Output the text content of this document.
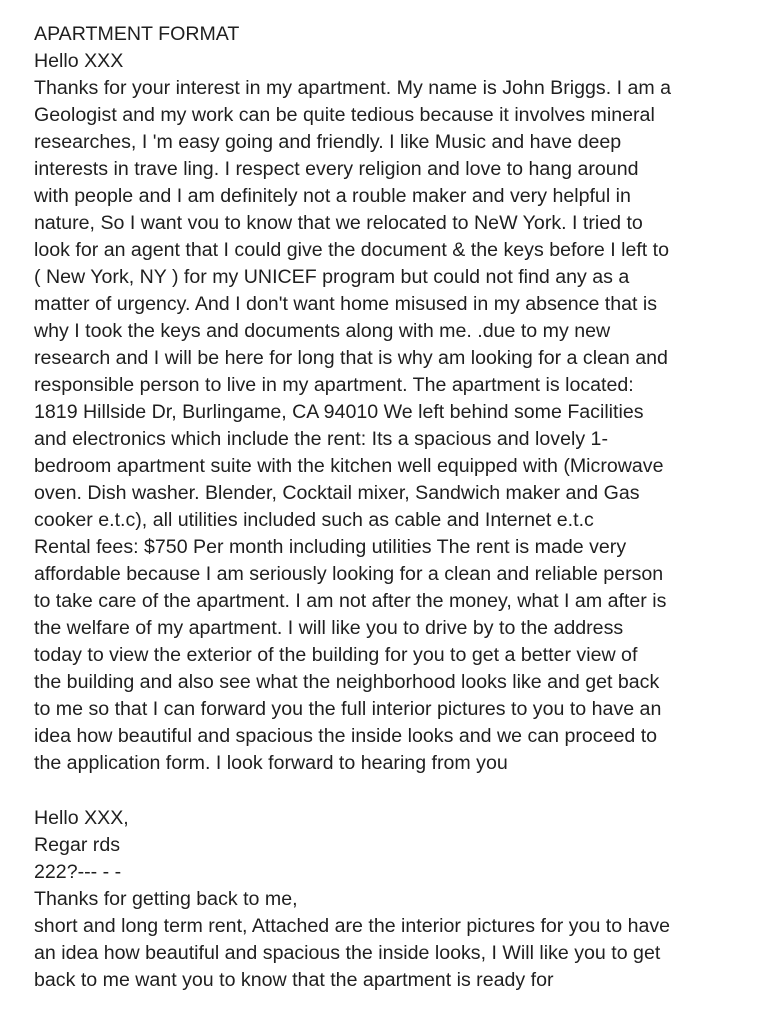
APARTMENT FORMAT
Hello XXX
Thanks for your interest in my apartment. My name is John Briggs. I am a
Geologist and my work can be quite tedious because it involves mineral
researches, I 'm easy going and friendly. I like Music and have deep
interests in trave ling. I respect every religion and love to hang around
with people and I am definitely not a rouble maker and very helpful in
nature, So I want vou to know that we relocated to NeW York. I tried to
look for an agent that I could give the document & the keys before I left to
( New York, NY ) for my UNICEF program but could not find any as a
matter of urgency. And I don't want home misused in my absence that is
why I took the keys and documents along with me. .due to my new
research and I will be here for long that is why am looking for a clean and
responsible person to live in my apartment. The apartment is located:
1819 Hillside Dr, Burlingame, CA 94010 We left behind some Facilities
and electronics which include the rent: Its a spacious and lovely 1-
bedroom apartment suite with the kitchen well equipped with (Microwave
oven. Dish washer. Blender, Cocktail mixer, Sandwich maker and Gas
cooker e.t.c), all utilities included such as cable and Internet e.t.c
Rental fees: $750 Per month including utilities The rent is made very
affordable because I am seriously looking for a clean and reliable person
to take care of the apartment. I am not after the money, what I am after is
the welfare of my apartment. I will like you to drive by to the address
today to view the exterior of the building for you to get a better view of
the building and also see what the neighborhood looks like and get back
to me so that I can forward you the full interior pictures to you to have an
idea how beautiful and spacious the inside looks and we can proceed to
the application form. I look forward to hearing from you
Hello XXX,
Regar rds
222?--- - -
Thanks for getting back to me,
short and long term rent, Attached are the interior pictures for you to have
an idea how beautiful and spacious the inside looks, I Will like you to get
back to me want you to know that the apartment is ready for
